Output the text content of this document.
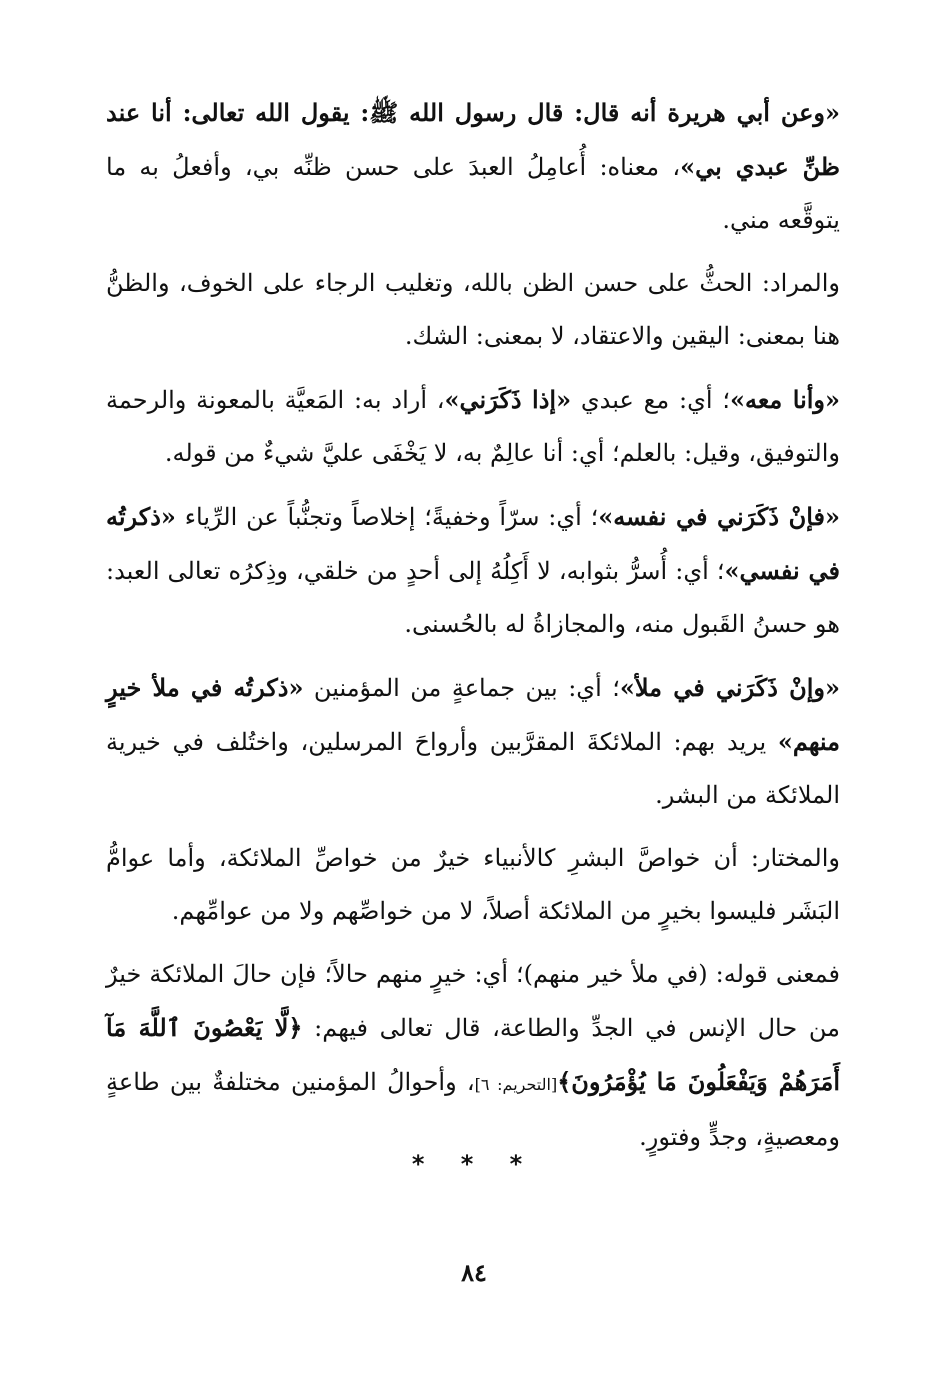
«وعن أبي هريرة أنه قال: قال رسول الله ﷺ: يقول الله تعالى: أنا عند ظنِّ عبدي بي»، معناه: أُعامِلُ العبدَ على حسن ظنِّه بي، وأفعلُ به ما يتوقَّعه مني.

والمراد: الحثُّ على حسن الظن بالله، وتغليب الرجاء على الخوف، والظنُّ هنا بمعنى: اليقين والاعتقاد، لا بمعنى: الشك.

«وأنا معه»؛ أي: مع عبدي «إذا ذَكَرَني»، أراد به: المَعيَّة بالمعونة والرحمة والتوفيق، وقيل: بالعلم؛ أي: أنا عالِمٌ به، لا يَخْفَى عليَّ شيءٌ من قوله.

«فإنْ ذَكَرَني في نفسه»؛ أي: سرّاً وخفيةً؛ إخلاصاً وتجنُّباً عن الرِّياء «ذكرتُه في نفسي»؛ أي: أُسرُّ بثوابه، لا أَكِلُهُ إلى أحدٍ من خلقي، وذِكرُه تعالى العبد: هو حسنُ القَبول منه، والمجازاةُ له بالحُسنى.

«وإنْ ذَكَرَني في ملأ»؛ أي: بين جماعةٍ من المؤمنين «ذكرتُه في ملأ خيرٍ منهم» يريد بهم: الملائكةَ المقرَّبين وأرواحَ المرسلين، واختُلف في خيرية الملائكة من البشر.

والمختار: أن خواصَّ البشرِ كالأنبياء خيرٌ من خواصِّ الملائكة، وأما عوامُّ البَشَر فليسوا بخيرٍ من الملائكة أصلاً، لا من خواصِّهم ولا من عوامِّهم.

فمعنى قوله: (في ملأ خير منهم)؛ أي: خيرٍ منهم حالاً؛ فإن حالَ الملائكة خيرٌ من حال الإنس في الجدِّ والطاعة، قال تعالى فيهم: ﴿لَّا يَعْصُونَ ٱللَّهَ مَآ أَمَرَهُمْ وَيَفْعَلُونَ مَا يُؤْمَرُونَ﴾[التحريم: ٦]، وأحوالُ المؤمنين مختلفةٌ بين طاعةٍ ومعصيةٍ، وجدٍّ وفتورٍ.

* * *
٨٤
